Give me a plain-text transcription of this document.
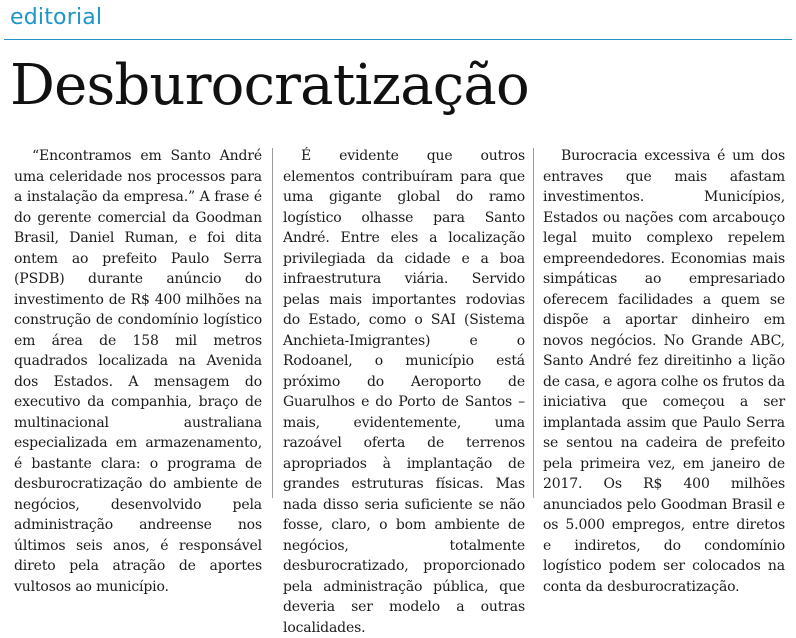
editorial
Desburocratização

“Encontramos em Santo André uma celeridade nos processos para a instalação da empresa.” A frase é do gerente comercial da Goodman Brasil, Daniel Ruman, e foi dita ontem ao prefeito Paulo Serra (PSDB) durante anúncio do investimento de R$ 400 milhões na construção de condomínio logístico em área de 158 mil metros quadrados localizada na Avenida dos Estados. A mensagem do executivo da companhia, braço de multinacional australiana especializada em armazenamento, é bastante clara: o programa de desburocratização do ambiente de negócios, desenvolvido pela administração andreense nos últimos seis anos, é responsável direto pela atração de aportes vultosos ao município.

É evidente que outros elementos contribuíram para que uma gigante global do ramo logístico olhasse para Santo André. Entre eles a localização privilegiada da cidade e a boa infraestrutura viária. Servido pelas mais importantes rodovias do Estado, como o SAI (Sistema Anchieta-Imigrantes) e o Rodoanel, o município está próximo do Aeroporto de Guarulhos e do Porto de Santos – mais, evidentemente, uma razoável oferta de terrenos apropriados à implantação de grandes estruturas físicas. Mas nada disso seria suficiente se não fosse, claro, o bom ambiente de negócios, totalmente desburocratizado, proporcionado pela administração pública, que deveria ser modelo a outras localidades.

Burocracia excessiva é um dos entraves que mais afastam investimentos. Municípios, Estados ou nações com arcabouço legal muito complexo repelem empreendedores. Economias mais simpáticas ao empresariado oferecem facilidades a quem se dispõe a aportar dinheiro em novos negócios. No Grande ABC, Santo André fez direitinho a lição de casa, e agora colhe os frutos da iniciativa que começou a ser implantada assim que Paulo Serra se sentou na cadeira de prefeito pela primeira vez, em janeiro de 2017. Os R$ 400 milhões anunciados pelo Goodman Brasil e os 5.000 empregos, entre diretos e indiretos, do condomínio logístico podem ser colocados na conta da desburocratização.
